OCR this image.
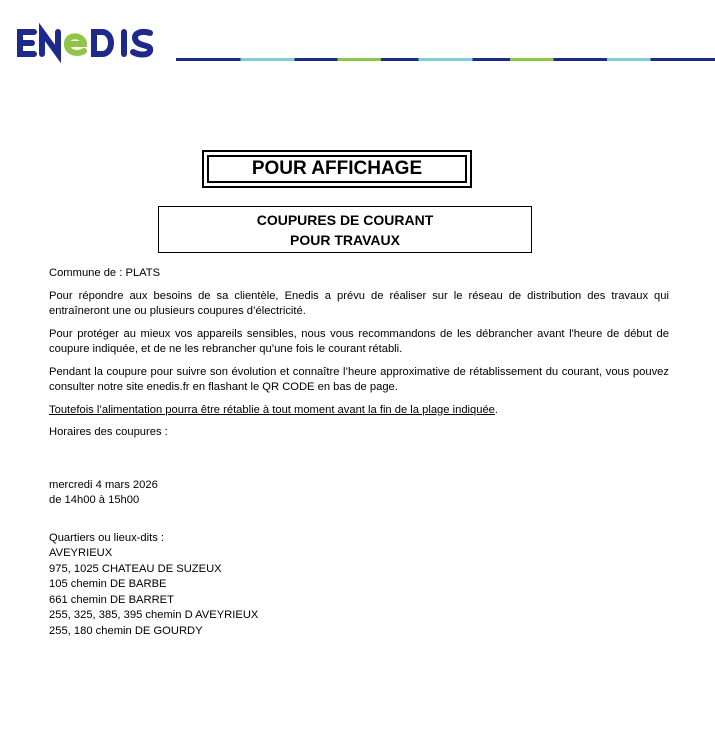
POUR AFFICHAGE
COUPURES DE COURANT
POUR TRAVAUX

Commune de : PLATS

Pour répondre aux besoins de sa clientèle, Enedis a prévu de réaliser sur le réseau de distribution des travaux qui entraîneront une ou plusieurs coupures d’électricité.

Pour protéger au mieux vos appareils sensibles, nous vous recommandons de les débrancher avant l'heure de début de coupure indiquée, et de ne les rebrancher qu’une fois le courant rétabli.

Pendant la coupure pour suivre son évolution et connaître l’heure approximative de rétablissement du courant, vous pouvez consulter notre site enedis.fr en flashant le QR CODE en bas de page.

Toutefois l’alimentation pourra être rétablie à tout moment avant la fin de la plage indiquée.

Horaires des coupures :

mercredi 4 mars 2026
de 14h00 à 15h00
Quartiers ou lieux-dits :
AVEYRIEUX
975, 1025 CHATEAU DE SUZEUX
105 chemin DE BARBE
661 chemin DE BARRET
255, 325, 385, 395 chemin D AVEYRIEUX
255, 180 chemin DE GOURDY
